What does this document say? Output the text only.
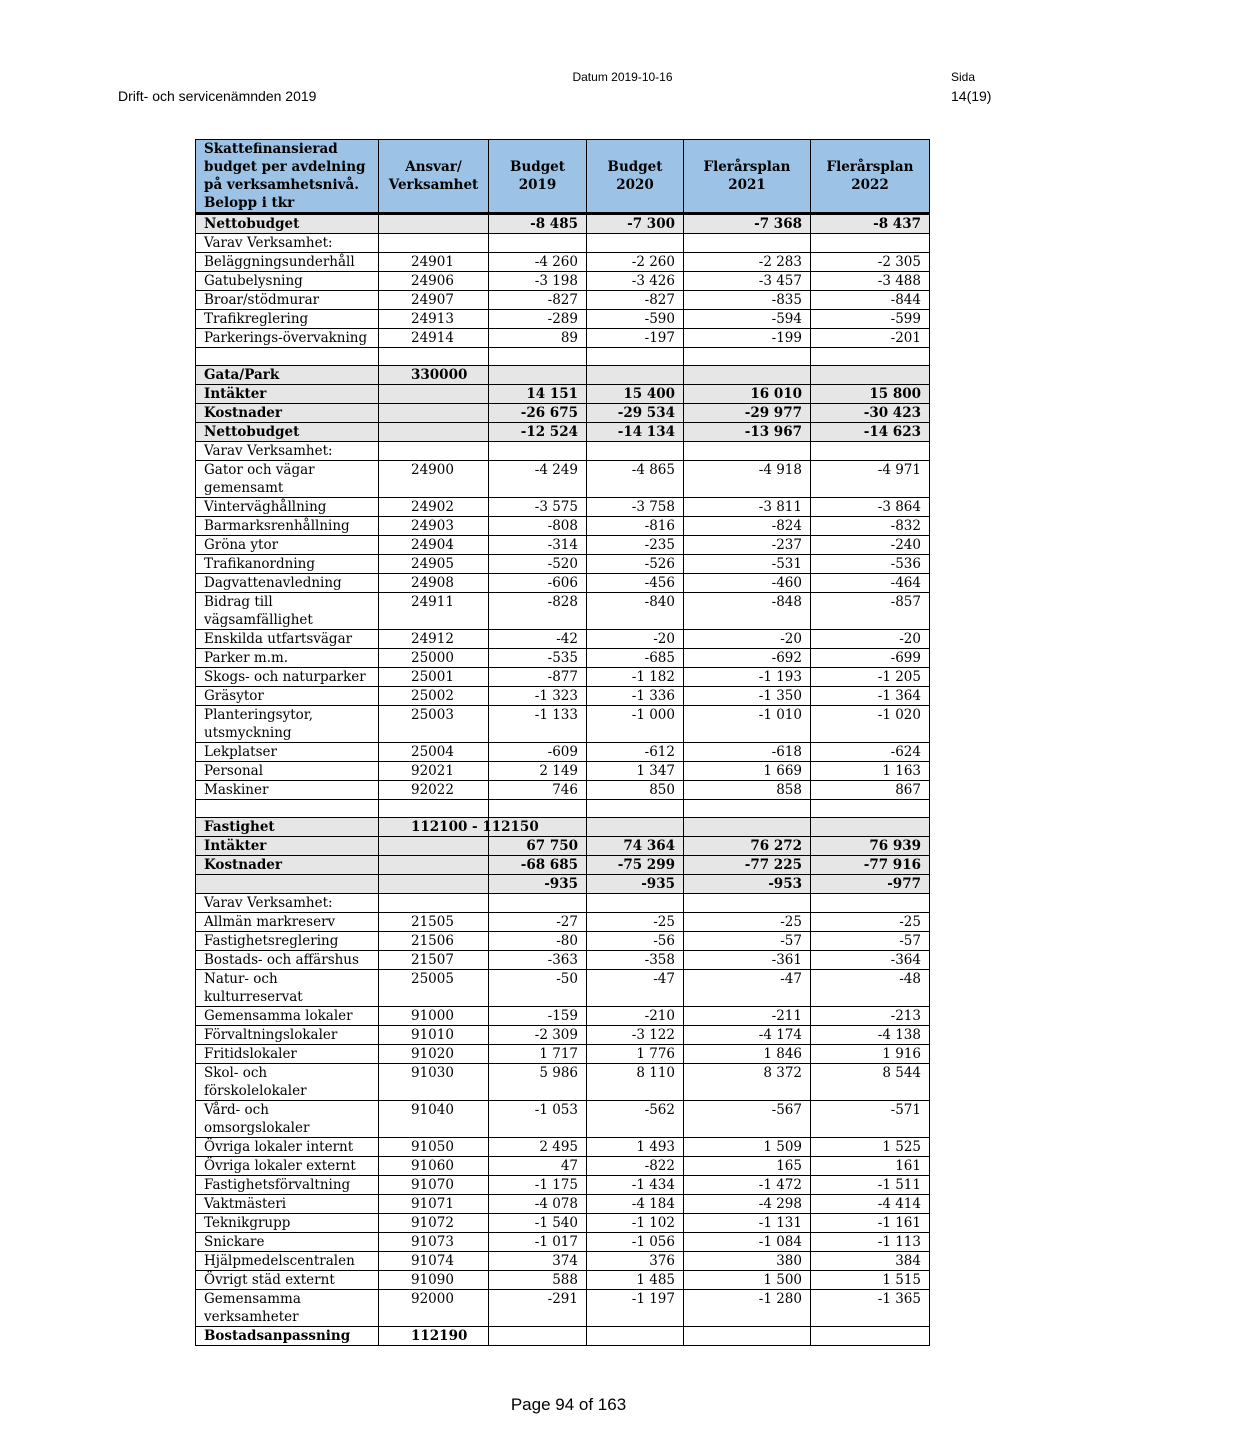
Datum 2019-10-16	Sida
Drift- och servicenämnden 2019	14(19)
Skattefinansierad budget per avdelning på verksamhetsnivå. Belopp i tkr	Ansvar/ Verksamhet	Budget 2019	Budget 2020	Flerårsplan 2021	Flerårsplan 2022
Nettobudget		-8 485	-7 300	-7 368	-8 437
Varav Verksamhet:					
Beläggningsunderhåll	24901	-4 260	-2 260	-2 283	-2 305
Gatubelysning	24906	-3 198	-3 426	-3 457	-3 488
Broar/stödmurar	24907	-827	-827	-835	-844
Trafikreglering	24913	-289	-590	-594	-599
Parkerings-övervakning	24914	89	-197	-199	-201

Gata/Park	330000				
Intäkter		14 151	15 400	16 010	15 800
Kostnader		-26 675	-29 534	-29 977	-30 423
Nettobudget		-12 524	-14 134	-13 967	-14 623
Varav Verksamhet:					
Gator och vägar gemensamt	24900	-4 249	-4 865	-4 918	-4 971
Vinterväghållning	24902	-3 575	-3 758	-3 811	-3 864
Barmarksrenhållning	24903	-808	-816	-824	-832
Gröna ytor	24904	-314	-235	-237	-240
Trafikanordning	24905	-520	-526	-531	-536
Dagvattenavledning	24908	-606	-456	-460	-464
Bidrag till vägsamfällighet	24911	-828	-840	-848	-857
Enskilda utfartsvägar	24912	-42	-20	-20	-20
Parker m.m.	25000	-535	-685	-692	-699
Skogs- och naturparker	25001	-877	-1 182	-1 193	-1 205
Gräsytor	25002	-1 323	-1 336	-1 350	-1 364
Planteringsytor, utsmyckning	25003	-1 133	-1 000	-1 010	-1 020
Lekplatser	25004	-609	-612	-618	-624
Personal	92021	2 149	1 347	1 669	1 163
Maskiner	92022	746	850	858	867

Fastighet	112100 - 112150				
Intäkter		67 750	74 364	76 272	76 939
Kostnader		-68 685	-75 299	-77 225	-77 916
		-935	-935	-953	-977
Varav Verksamhet:					
Allmän markreserv	21505	-27	-25	-25	-25
Fastighetsreglering	21506	-80	-56	-57	-57
Bostads- och affärshus	21507	-363	-358	-361	-364
Natur- och kulturreservat	25005	-50	-47	-47	-48
Gemensamma lokaler	91000	-159	-210	-211	-213
Förvaltningslokaler	91010	-2 309	-3 122	-4 174	-4 138
Fritidslokaler	91020	1 717	1 776	1 846	1 916
Skol- och förskolelokaler	91030	5 986	8 110	8 372	8 544
Vård- och omsorgslokaler	91040	-1 053	-562	-567	-571
Övriga lokaler internt	91050	2 495	1 493	1 509	1 525
Övriga lokaler externt	91060	47	-822	165	161
Fastighetsförvaltning	91070	-1 175	-1 434	-1 472	-1 511
Vaktmästeri	91071	-4 078	-4 184	-4 298	-4 414
Teknikgrupp	91072	-1 540	-1 102	-1 131	-1 161
Snickare	91073	-1 017	-1 056	-1 084	-1 113
Hjälpmedelscentralen	91074	374	376	380	384
Övrigt städ externt	91090	588	1 485	1 500	1 515
Gemensamma verksamheter	92000	-291	-1 197	-1 280	-1 365
Bostadsanpassning	112190				
Page 94 of 163
